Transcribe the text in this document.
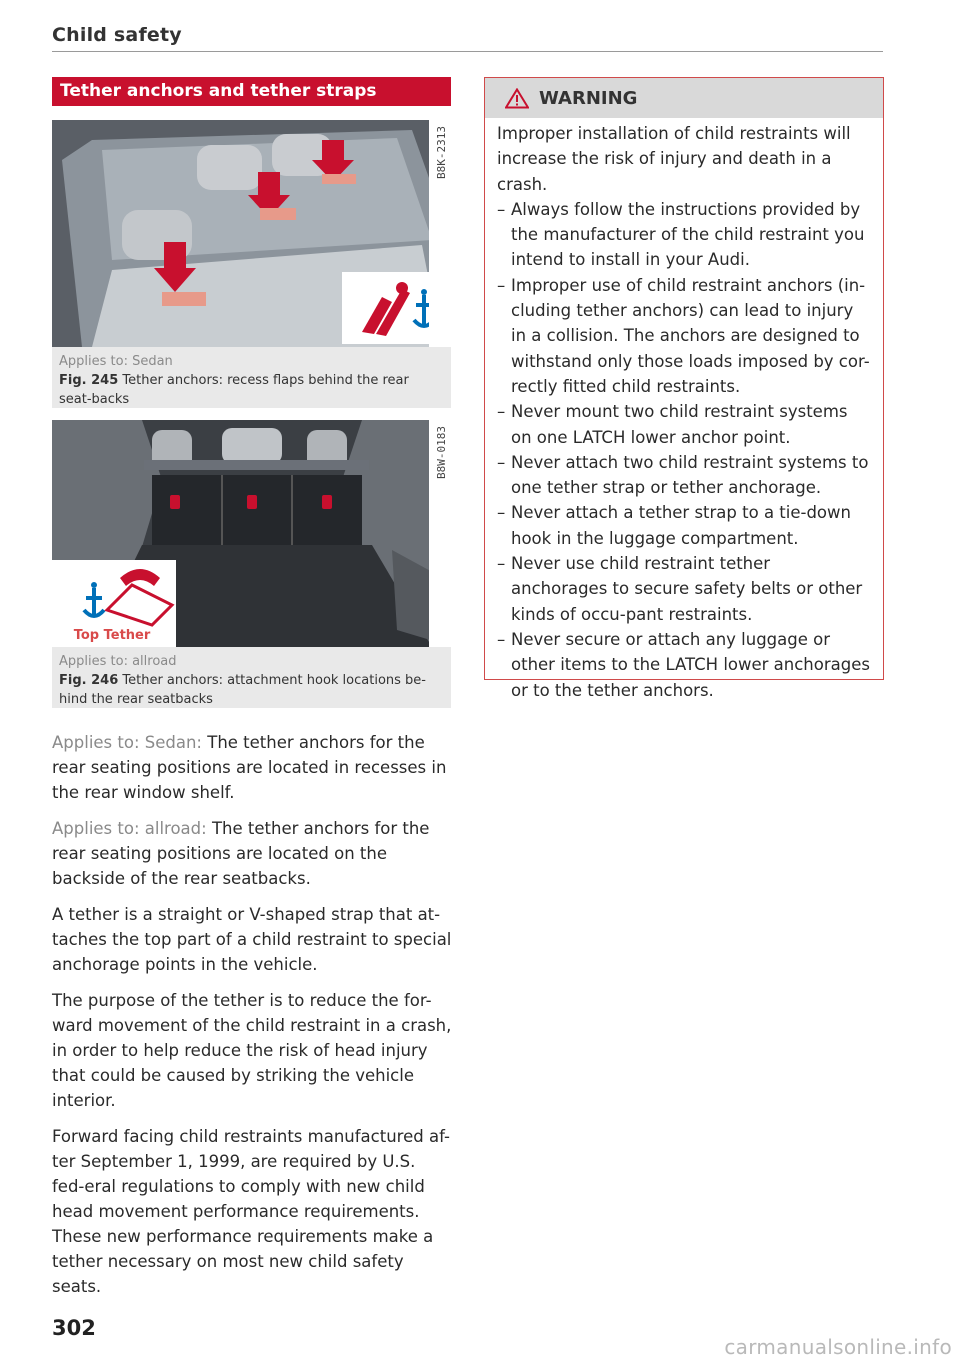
Child safety
Tether anchors and tether straps
B8K-2313
Applies to: Sedan
Fig. 245 Tether anchors: recess flaps behind the rear seat-backs
Top Tether
B8W-0183
Applies to: allroad
Fig. 246 Tether anchors: attachment hook locations be-hind the rear seatbacks

Applies to: Sedan: The tether anchors for the rear seating positions are located in recesses in the rear window shelf.

Applies to: allroad: The tether anchors for the rear seating positions are located on the backside of the rear seatbacks.

A tether is a straight or V-shaped strap that at-taches the top part of a child restraint to special anchorage points in the vehicle.

The purpose of the tether is to reduce the for-ward movement of the child restraint in a crash, in order to help reduce the risk of head injury that could be caused by striking the vehicle interior.

Forward facing child restraints manufactured af-ter September 1, 1999, are required by U.S. fed-eral regulations to comply with new child head movement performance requirements. These new performance requirements make a tether necessary on most new child safety seats.

302
WARNING
Improper installation of child restraints will increase the risk of injury and death in a crash.
– Always follow the instructions provided by the manufacturer of the child restraint you intend to install in your Audi.
– Improper use of child restraint anchors (in-cluding tether anchors) can lead to injury in a collision. The anchors are designed to withstand only those loads imposed by cor-rectly fitted child restraints.
– Never mount two child restraint systems on one LATCH lower anchor point.
– Never attach two child restraint systems to one tether strap or tether anchorage.
– Never attach a tether strap to a tie-down hook in the luggage compartment.
– Never use child restraint tether anchorages to secure safety belts or other kinds of occu-pant restraints.
– Never secure or attach any luggage or other items to the LATCH lower anchorages or to the tether anchors.
carmanualsonline.info
